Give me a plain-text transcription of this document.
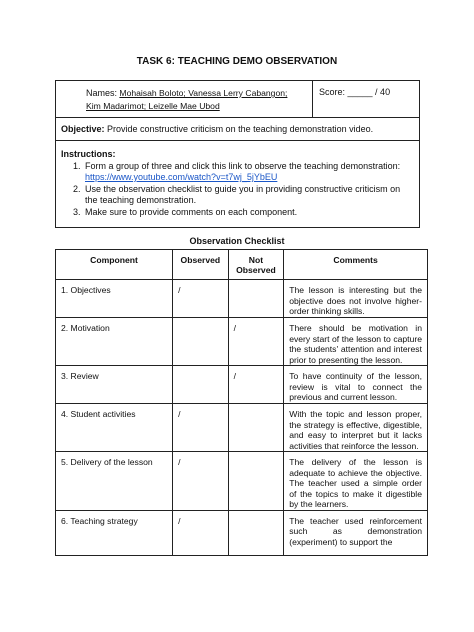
TASK 6: TEACHING DEMO OBSERVATION
Names: Mohaisah Boloto; Vanessa Lerry Cabangon;
Kim Madarimot; Leizelle Mae Ubod
	Score: _____ / 40

Objective: Provide constructive criticism on the teaching demonstration video.

Instructions:
1. Form a group of three and click this link to observe the teaching demonstration:
https://www.youtube.com/watch?v=t7wj_5jYbEU
2. Use the observation checklist to guide you in providing constructive criticism on the teaching demonstration.
3. Make sure to provide comments on each component.
Observation Checklist
Component	Observed	Not Observed	Comments
1. Objectives	/		The lesson is interesting but the objective does not involve higher-order thinking skills.
2. Motivation		/	There should be motivation in every start of the lesson to capture the students' attention and interest prior to presenting the lesson.
3. Review		/	To have continuity of the lesson, review is vital to connect the previous and current lesson.
4. Student activities	/		With the topic and lesson proper, the strategy is effective, digestible, and easy to interpret but it lacks activities that reinforce the lesson.
5. Delivery of the lesson	/		The delivery of the lesson is adequate to achieve the objective. The teacher used a simple order of the topics to make it digestible by the learners.
6. Teaching strategy	/		The teacher used reinforcement such as demonstration (experiment) to support the
